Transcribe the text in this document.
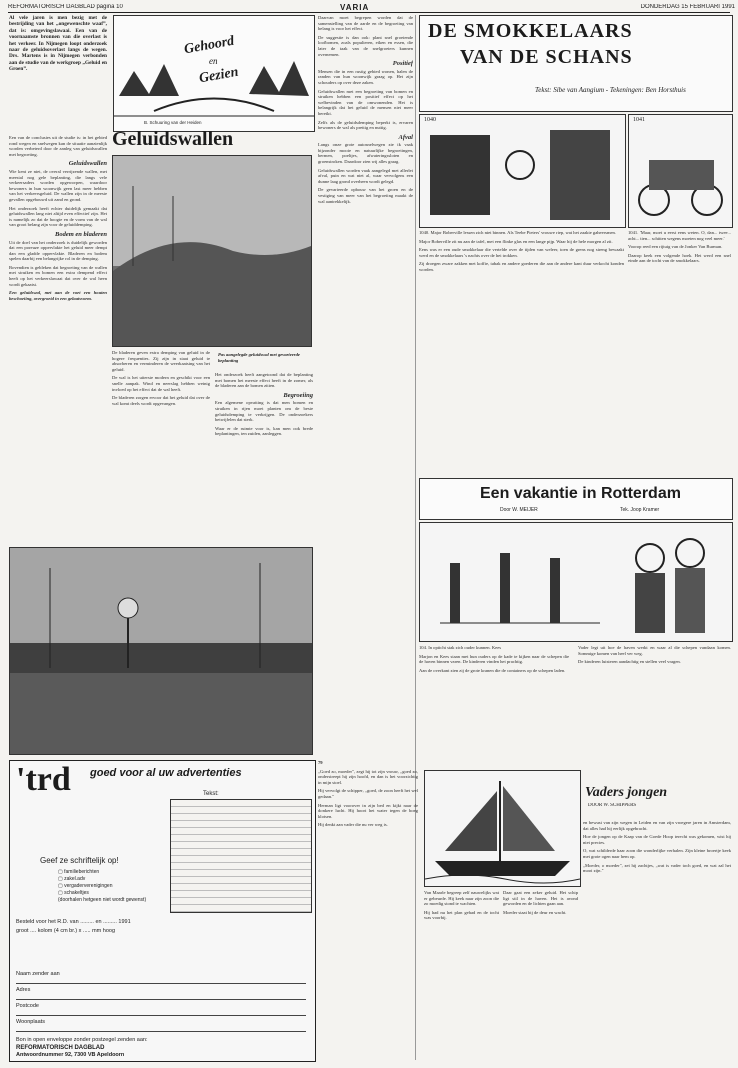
REFORMATORISCH DAGBLAD pagina 10	VARIA	DONDERDAG 15 FEBRUARI 1991
Al vele jaren is men bezig met de bestrijding van het „ongewenschte waaf”, dat is: omgevingslawaai. Een van de voornaamste bronnen van die overlast is het verkeer. In Nijmegen loopt onderzoek naar de geluidsoverlast langs de wegen. Drs. Martens is in Nijmegen verbonden aan de studie van de werkgroep „Geluid en Groen”.
Gehoord
en
Gezien
B. Schuuring van der Heiden
Geluidswallen

Een van de conclusies uit de studie is: in het gebied rond wegen en snelwegen kan de situatie aanzienlijk worden verbeterd door de aanleg van geluidswallen met begroeiing.

Geluidswallen

Wie kent ze niet, de overal verrijzende wallen, met meestal nog gele beplanting, die langs vele verkeersaders worden opgeworpen, waardoor bewoners in hun woonwijk geen last meer hebben van het verkeersgeluid. De wallen zijn in de meeste gevallen opgebouwd uit zand en grond.

Het onderzoek heeft echter duidelijk gemaakt dat geluidswallen lang niet altijd even effectief zijn. Het is namelijk zo dat de hoogte en de vorm van de wal van groot belang zijn voor de geluiddemping.

Bodem en bladeren

Uit de doel van het onderzoek is duidelijk geworden dat een poreuze oppervlakte het geluid meer dempt dan een gladde oppervlakte. Bladeren en bodem spelen daarbij een belangrijke rol in de demping.

Bovendien is gebleken dat begroeiing van de wallen met struiken en bomen een extra dempend effect heeft op het verkeerslawaai dat over de wal heen wordt gekaatst.

Een geluidswal, met aan de voet een houten beschoeiing, overgroeid in een gelaatsvorm.
Pas aangelegde geluidswal met gevarieerde beplanting

De bladeren geven extra demping van geluid in de hogere frequenties. Zij zijn in staat geluid te absorberen en verminderen de weerkaatsing van het geluid.

De wal is het uiterste modern en geschikt voor een snelle aanpak. Wind en neerslag hebben weinig invloed op het effect dat de wal heeft.

De bladeren zorgen ervoor dat het geluid dat over de wal komt deels wordt opgevangen.

Het onderzoek heeft aangetoond dat de beplanting met bomen het meeste effect heeft in de zomer, als de bladeren aan de bomen zitten.

Begroeiing

Een algemene opvatting is dat men bomen en struiken in rijen moet planten om de beste geluidsdemping te verkrijgen. De onderzoekers betwijfelen dat sterk.

Waar er de ruimte voor is, kan men ook brede beplantingen, ten zuiden, aanleggen.

Daarvan moet begrepen worden dat de samenstelling van de aarde en de begroeiing van belang is voor het effect.

De suggestie is dan ook: plant snel groeiende loofbomen, zoals populieren, eiken en essen, die later de taak van de snelgroeiers kunnen overnemen.

Positief

Mensen die in een rustig gebied wonen, halen de randen van hun woonwijk graag op. Het zijn schouders op over deze zaken.

Geluidswallen met een begroeiing van bomen en struiken hebben een positief effect op het welbevinden van de omwonenden. Het is belangrijk dat het geluid de mensen niet meer bereikt.

Zelfs als de geluidsdemping beperkt is, ervaren bewoners de wal als prettig en nuttig.

Afval

Langs onze grote autosnelwegen zie ik vaak bijzonder mooie en natuurlijke begroeiingen, bermen, poeltjes, afwateringssloten en groenstroken. Daardoor zien wij alles graag.

Geluidswallen worden vaak aangelegd met allerlei afval, puin en wat niet al, waar vervolgens een dunne laag grond overheen wordt gelegd.

De gevarieerde opbouw van het groen en de vestiging van meer van het begroeiing maakt de wal aantrekkelijk.

'trd goed voor al uw advertenties
Tekst:
Geef ze schriftelijk op!
▢ familieberichten
▢ zakel.adv
▢ vergaderverenigingen
▢ schakeltjes
(doorhalen hetgeen niet wordt gewenst)
Besteld voor het R.D. van ......... en ......... 1991
groot .... kolom (4 cm br.) x ..... mm hoog
Naam zender aan
Adres
Postcode
Woonplaats
Bon in open enveloppe zonder postzegel zenden aan:
REFORMATORISCH DAGBLAD
Antwoordnummer 92, 7300 VB Apeldoorn
DE SMOKKELAARS
VAN DE SCHANS
Tekst: Sibe van Aangium - Tekeningen: Ben Horsthuis
1040	1041

1040. Major Boberville lessen zich niet binnen. Als Teebe Pieters' vrouwe riep, wat het zaakte gaheersmen.

Major Boberville zit nu aan de tafel, met een flinke glas en een lange pijp. Waar hij de hele morgen al zit.

Eens was er een oude smokkelaar die vertelde over de tijden van weleer, toen de grens nog streng bewaakt werd en de smokkelaars 's nachts over de hei trokken.

Zij droegen zware zakken met koffie, tabak en andere goederen die aan de andere kant duur verkocht konden worden.

1041. 'Maar, moet u eerst eens weten. O, dan... twee... acht... tien... schitten wegens moeten nog veel meer.'

Voorop reed een rijtuig van de Jonker Van Burman.

Daarop keek een volgende hoek. Het werd een snel einde aan de tocht van de smokkelaars.

Een vakantie in Rotterdam
Door W. MEIJER	Tek. Joop Kramer

104. In opticht stak zich ouder kunnen. Kees

Marjon en Kees staan met hun ouders op de kade te kijken naar de schepen die de haven binnen varen. De kinderen vinden het prachtig.

Aan de overkant zien zij de grote kranen die de containers op de schepen laden.

Vader legt uit hoe de haven werkt en waar al die schepen vandaan komen. Sommige komen van heel ver weg.

De kinderen luisteren aandachtig en stellen veel vragen.

79

„Goed zo, moeder", zegt hij tot zijn vrouw, „goed zo, onderstreept hij zijn hoofd, en dan is het voorzichtig in mijn stoel.

Hij vervolgt de schipper, „goed, de zoon heeft het wel gedaan."

Herman ligt voorover in zijn bed en kijkt naar de donkere lucht. Hij hoort het water tegen de boeg klotsen.

Hij denkt aan vader die nu ver weg is.

Vaders jongen
DOOR W. SCHIPPERS

Van Maarle begreep zelf nauwelijks wat er gebeurde. Hij keek naar zijn zoon die zo moedig stond te wachten.

Hij had nu het plan gehad en de tocht was voorbij.

Daar gaat een zeker geluid. Het schip ligt stil in de haven. Het is avond geworden en de lichten gaan aan.

Moeder staat bij de deur en wacht.

en bewust van zijn wegen in Leiden en van zijn vroegere jaren in Amsterdam, dat alles had hij eerlijk opgebracht.

Hoe de jongen op de Kaap van de Goede Hoop terecht was gekomen, wist hij niet precies.

O, wat schilderde haar zoon die wonderlijke verhalen. Zijn kleine broertje keek met grote ogen naar hem op.

„Moeder, o moeder", zei hij zachtjes, „wat is vader toch goed, en wat zal het mooi zijn."
